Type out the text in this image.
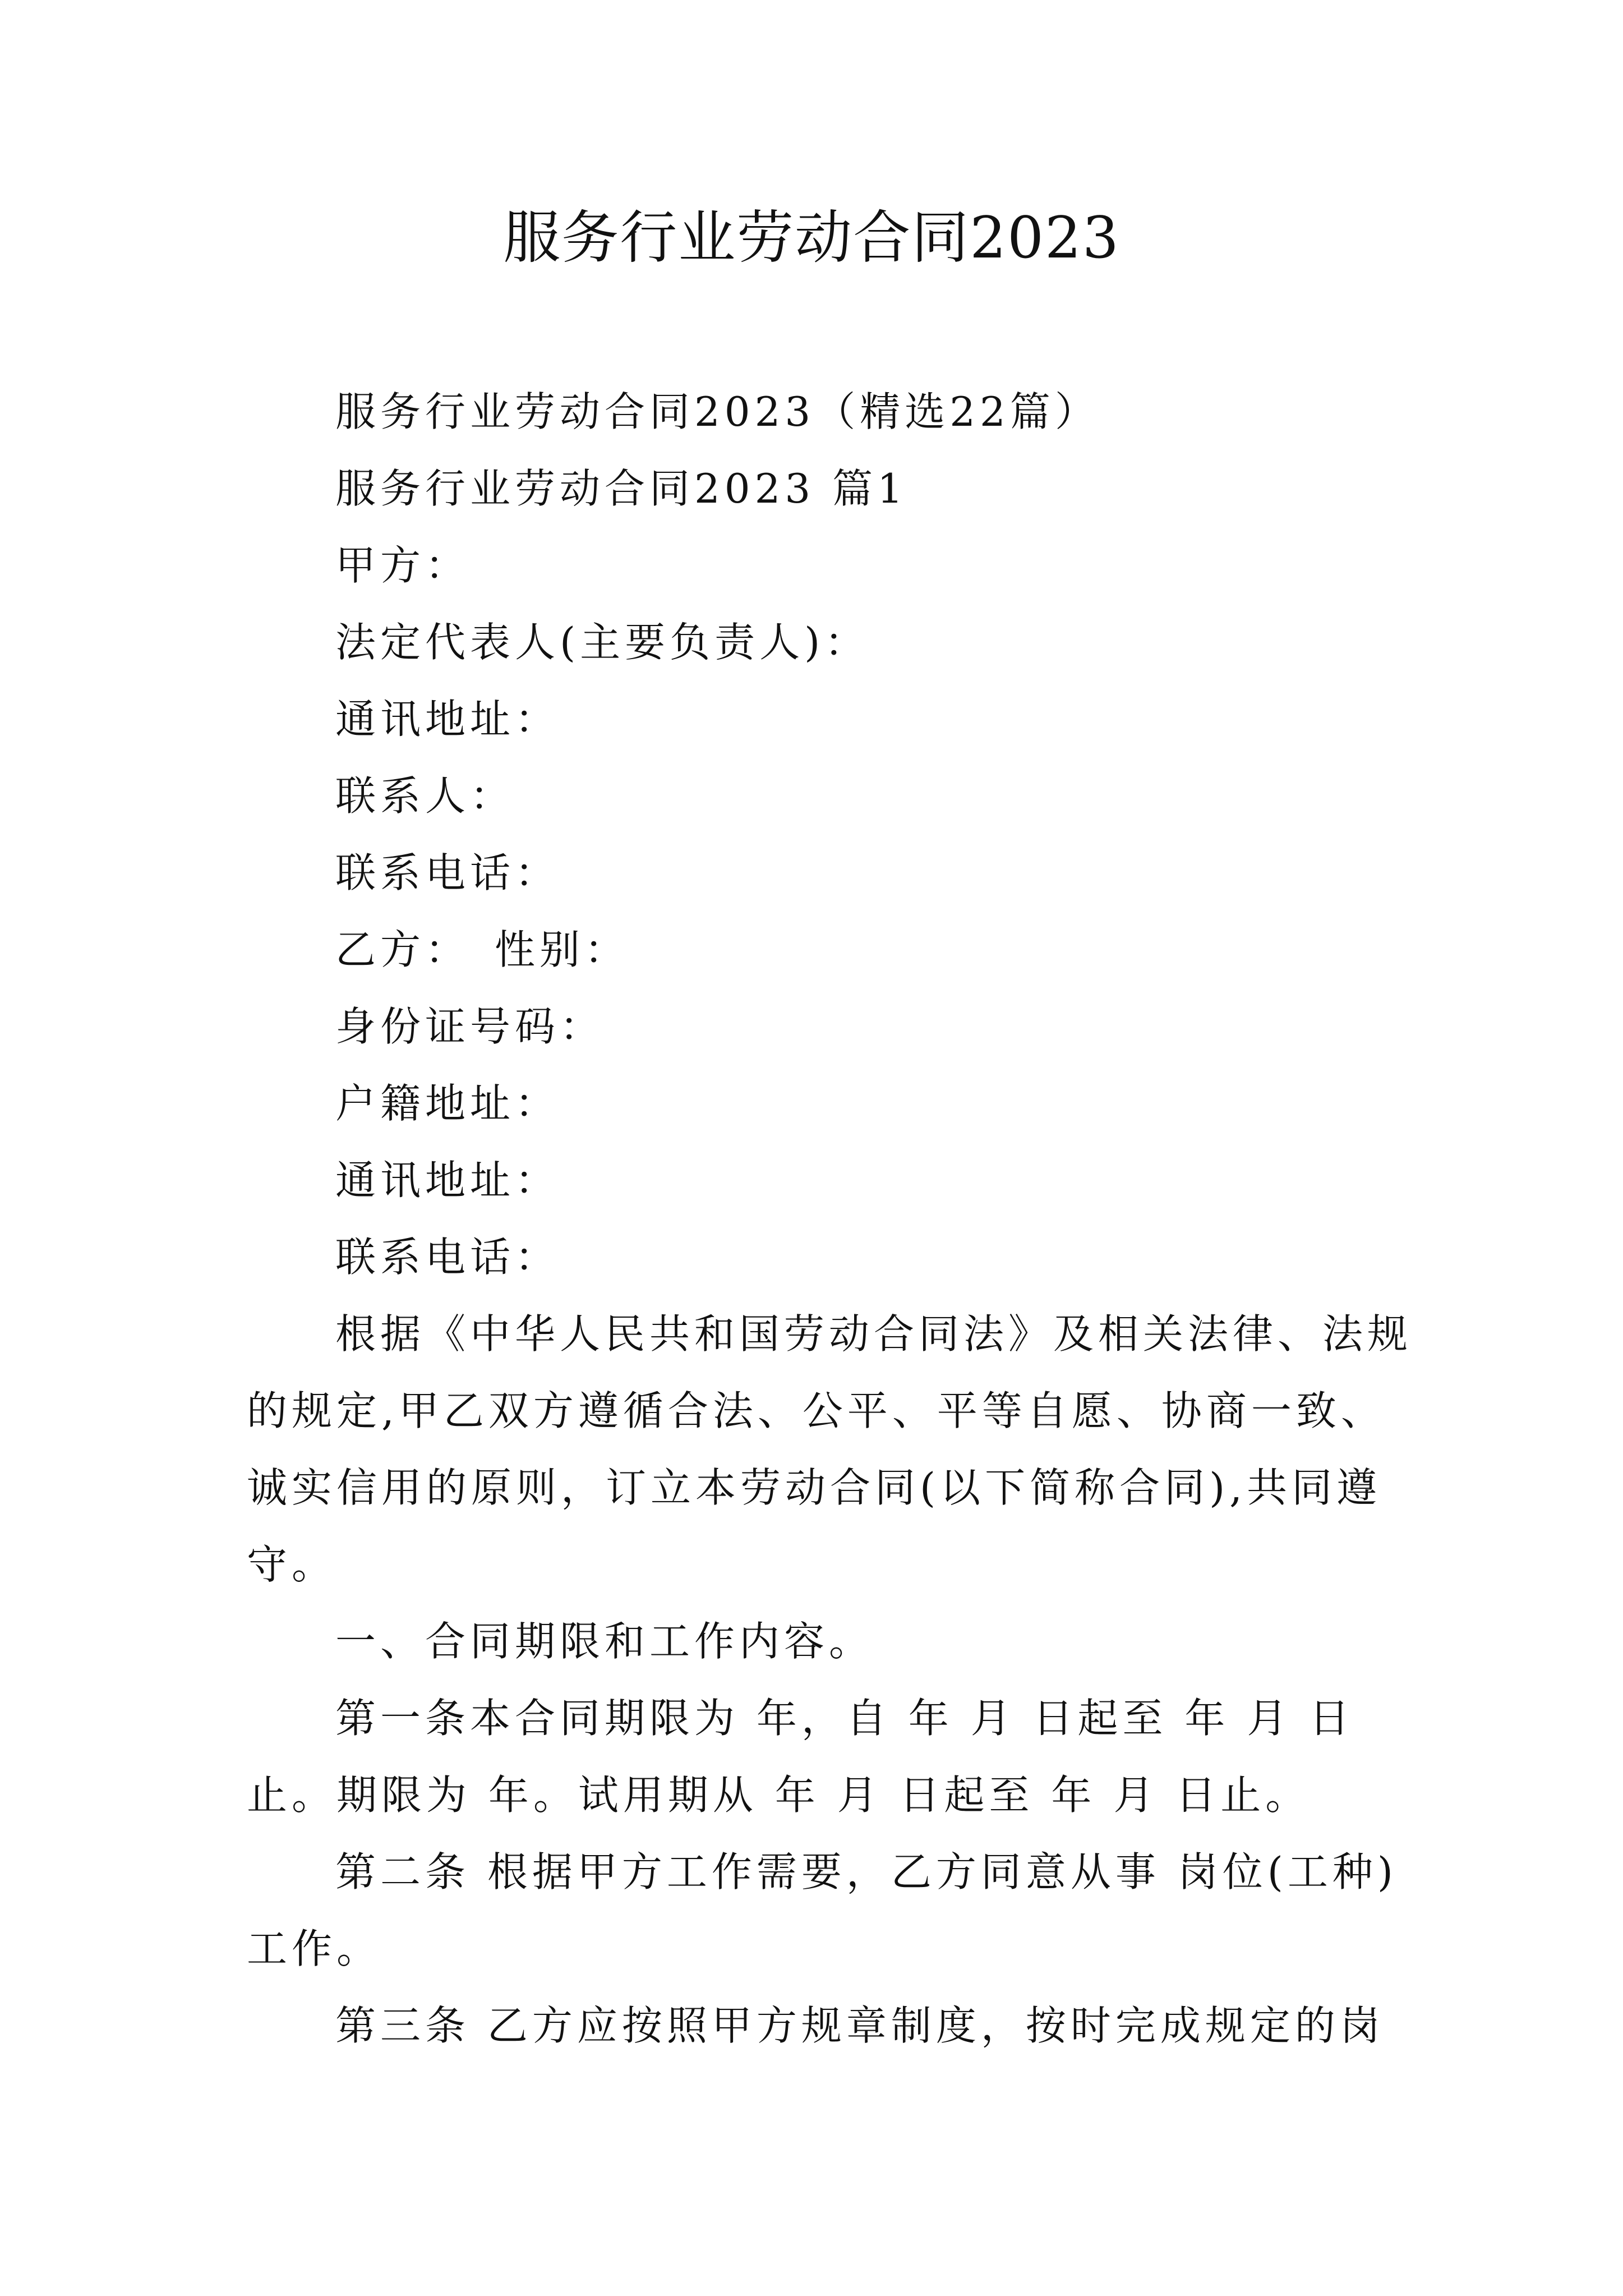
服务行业劳动合同2023
服务行业劳动合同2023（精选22篇）
服务行业劳动合同2023 篇1
甲方：
法定代表人(主要负责人)：
通讯地址：
联系人：
联系电话：
乙方：　性别：
身份证号码：
户籍地址：
通讯地址：
联系电话：
根据《中华人民共和国劳动合同法》及相关法律、法规
的规定,甲乙双方遵循合法、公平、平等自愿、协商一致、
诚实信用的原则，订立本劳动合同(以下简称合同),共同遵
守。
一、合同期限和工作内容。
第一条本合同期限为 年，自 年 月 日起至 年 月 日
止。期限为 年。试用期从 年 月 日起至 年 月 日止。
第二条 根据甲方工作需要，乙方同意从事 岗位(工种)
工作。
第三条 乙方应按照甲方规章制度，按时完成规定的岗
